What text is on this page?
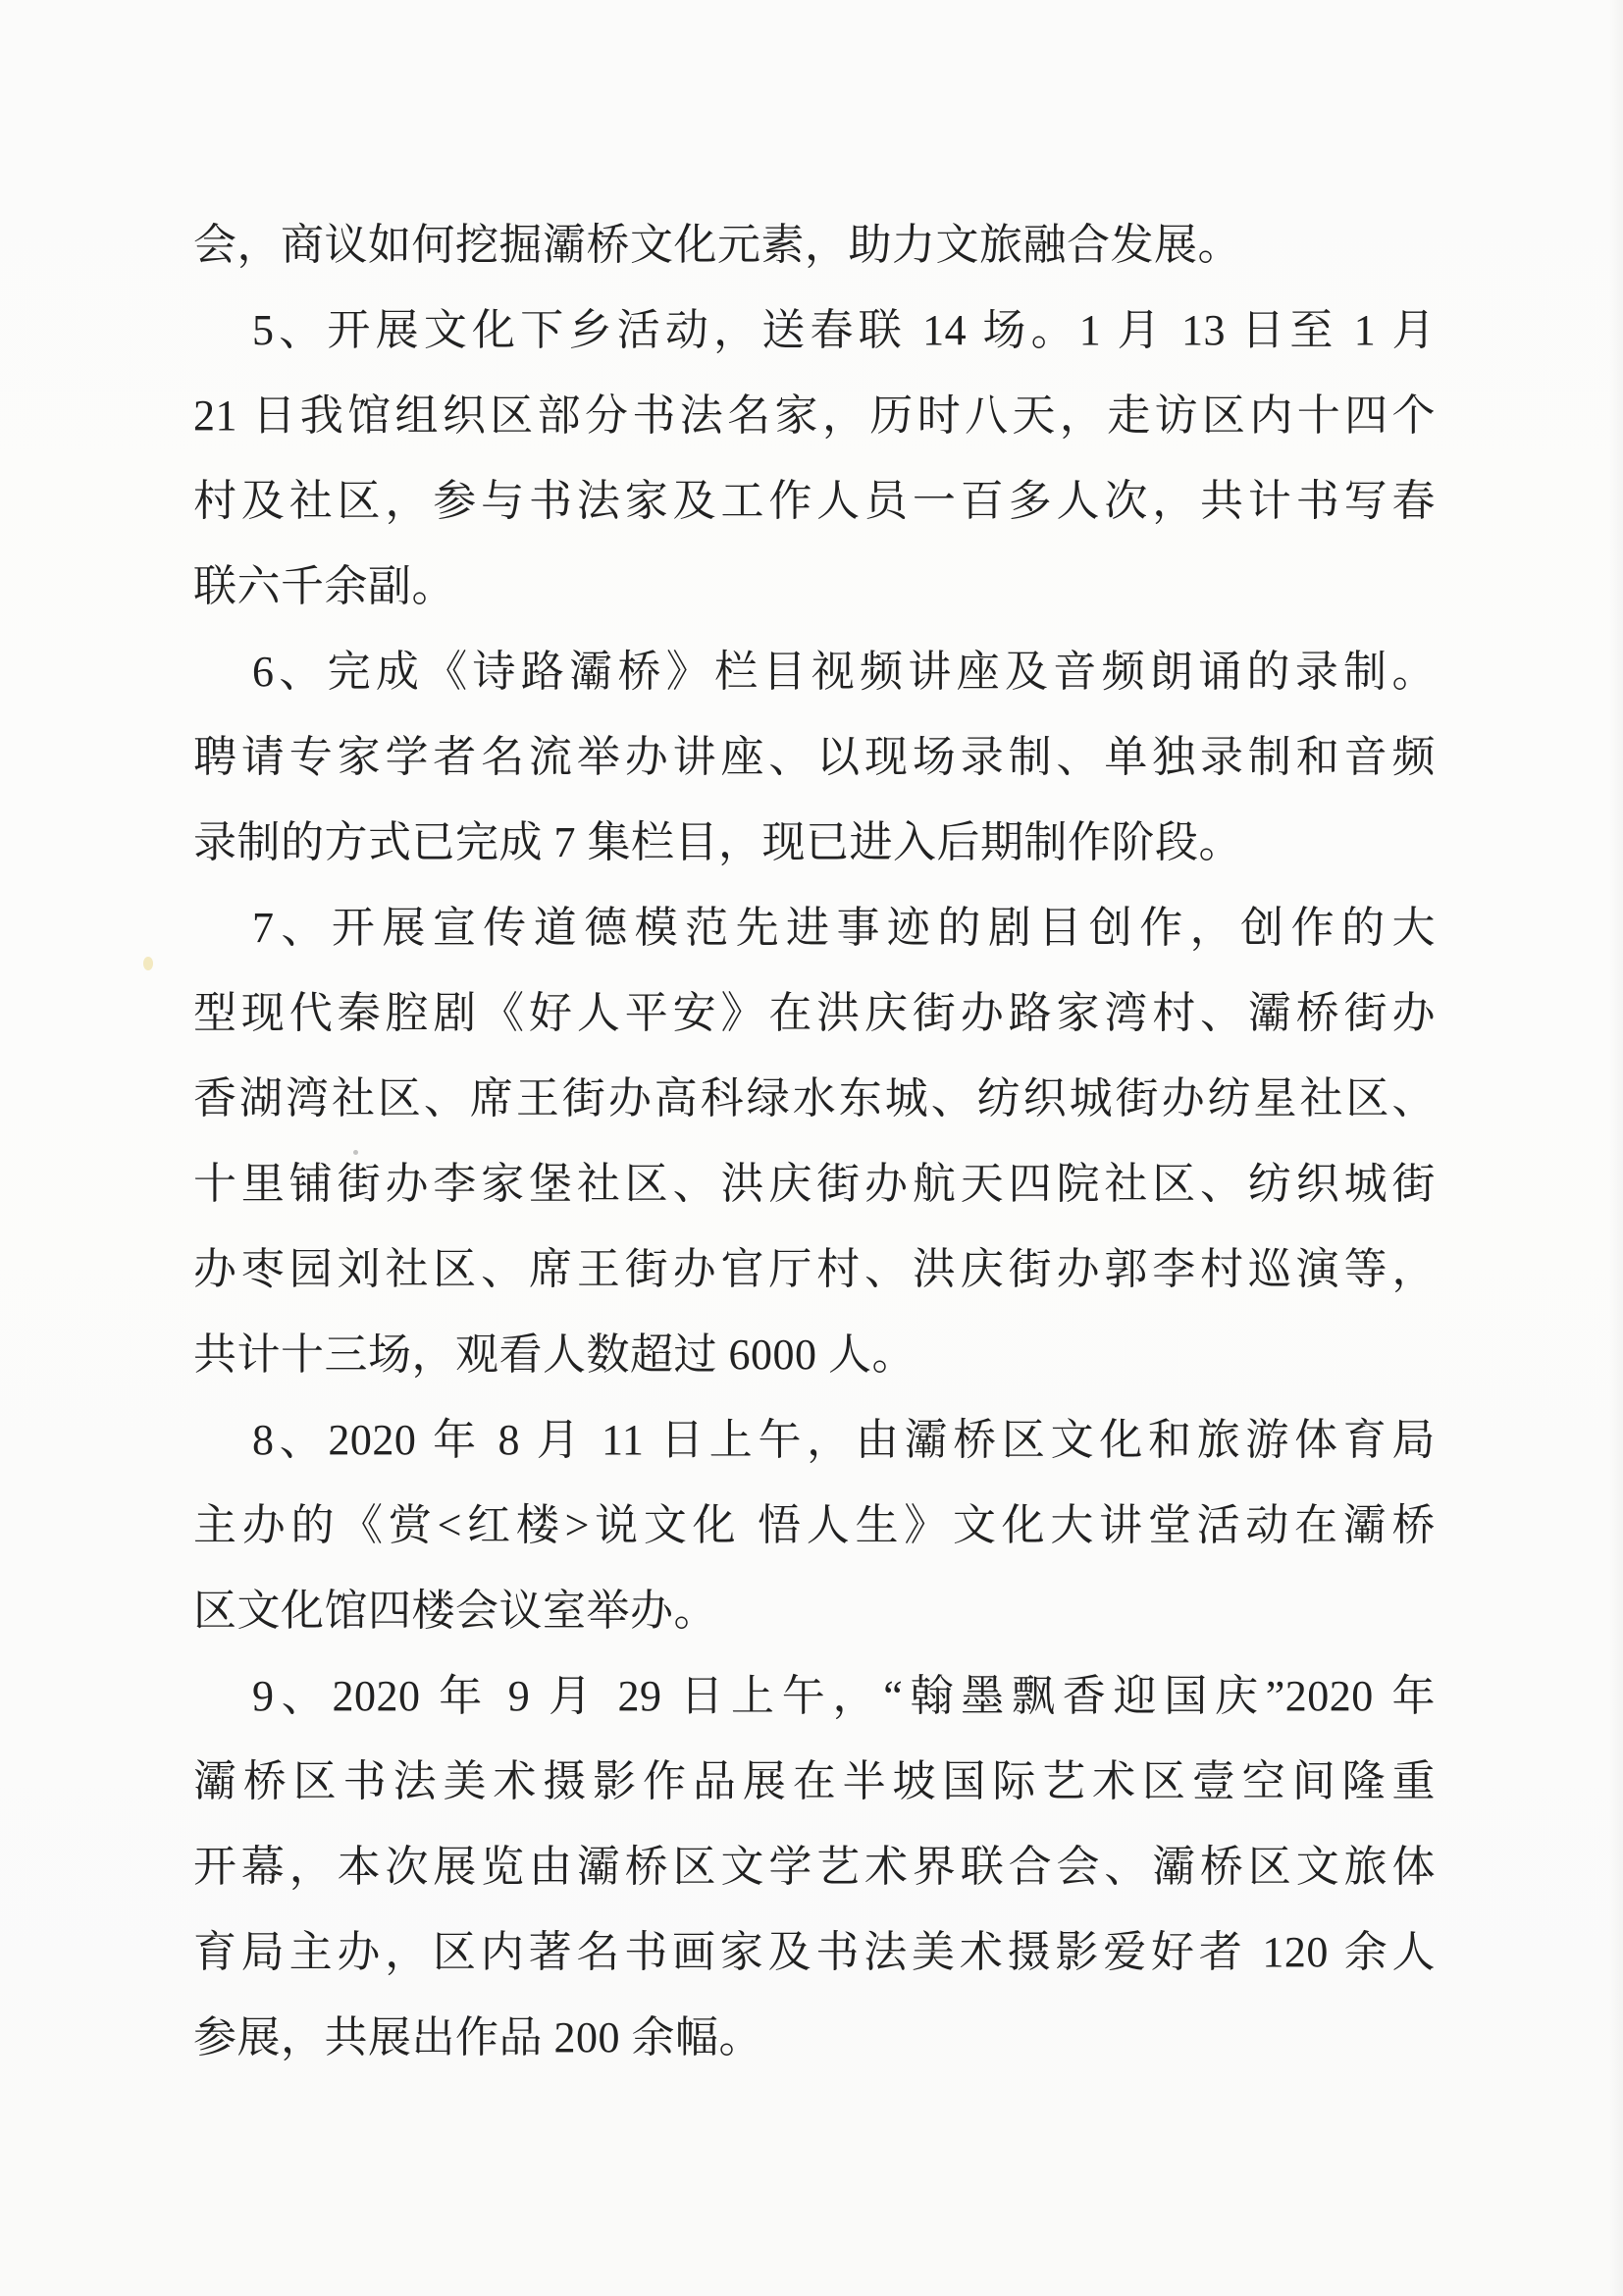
会，商议如何挖掘灞桥文化元素，助力文旅融合发展。
5、开展文化下乡活动，送春联 14 场。1 月 13 日至 1 月
21 日我馆组织区部分书法名家，历时八天，走访区内十四个
村及社区，参与书法家及工作人员一百多人次，共计书写春
联六千余副。
6、完成《诗路灞桥》栏目视频讲座及音频朗诵的录制。
聘请专家学者名流举办讲座、以现场录制、单独录制和音频
录制的方式已完成 7 集栏目，现已进入后期制作阶段。
7、开展宣传道德模范先进事迹的剧目创作，创作的大
型现代秦腔剧《好人平安》在洪庆街办路家湾村、灞桥街办
香湖湾社区、席王街办高科绿水东城、纺织城街办纺星社区、
十里铺街办李家堡社区、洪庆街办航天四院社区、纺织城街
办枣园刘社区、席王街办官厅村、洪庆街办郭李村巡演等，
共计十三场，观看人数超过 6000 人。
8、2020 年 8 月 11 日上午，由灞桥区文化和旅游体育局
主办的《赏<红楼>说文化 悟人生》文化大讲堂活动在灞桥
区文化馆四楼会议室举办。
9、2020 年 9 月 29 日上午，“翰墨飘香迎国庆”2020 年
灞桥区书法美术摄影作品展在半坡国际艺术区壹空间隆重
开幕，本次展览由灞桥区文学艺术界联合会、灞桥区文旅体
育局主办，区内著名书画家及书法美术摄影爱好者 120 余人
参展，共展出作品 200 余幅。
